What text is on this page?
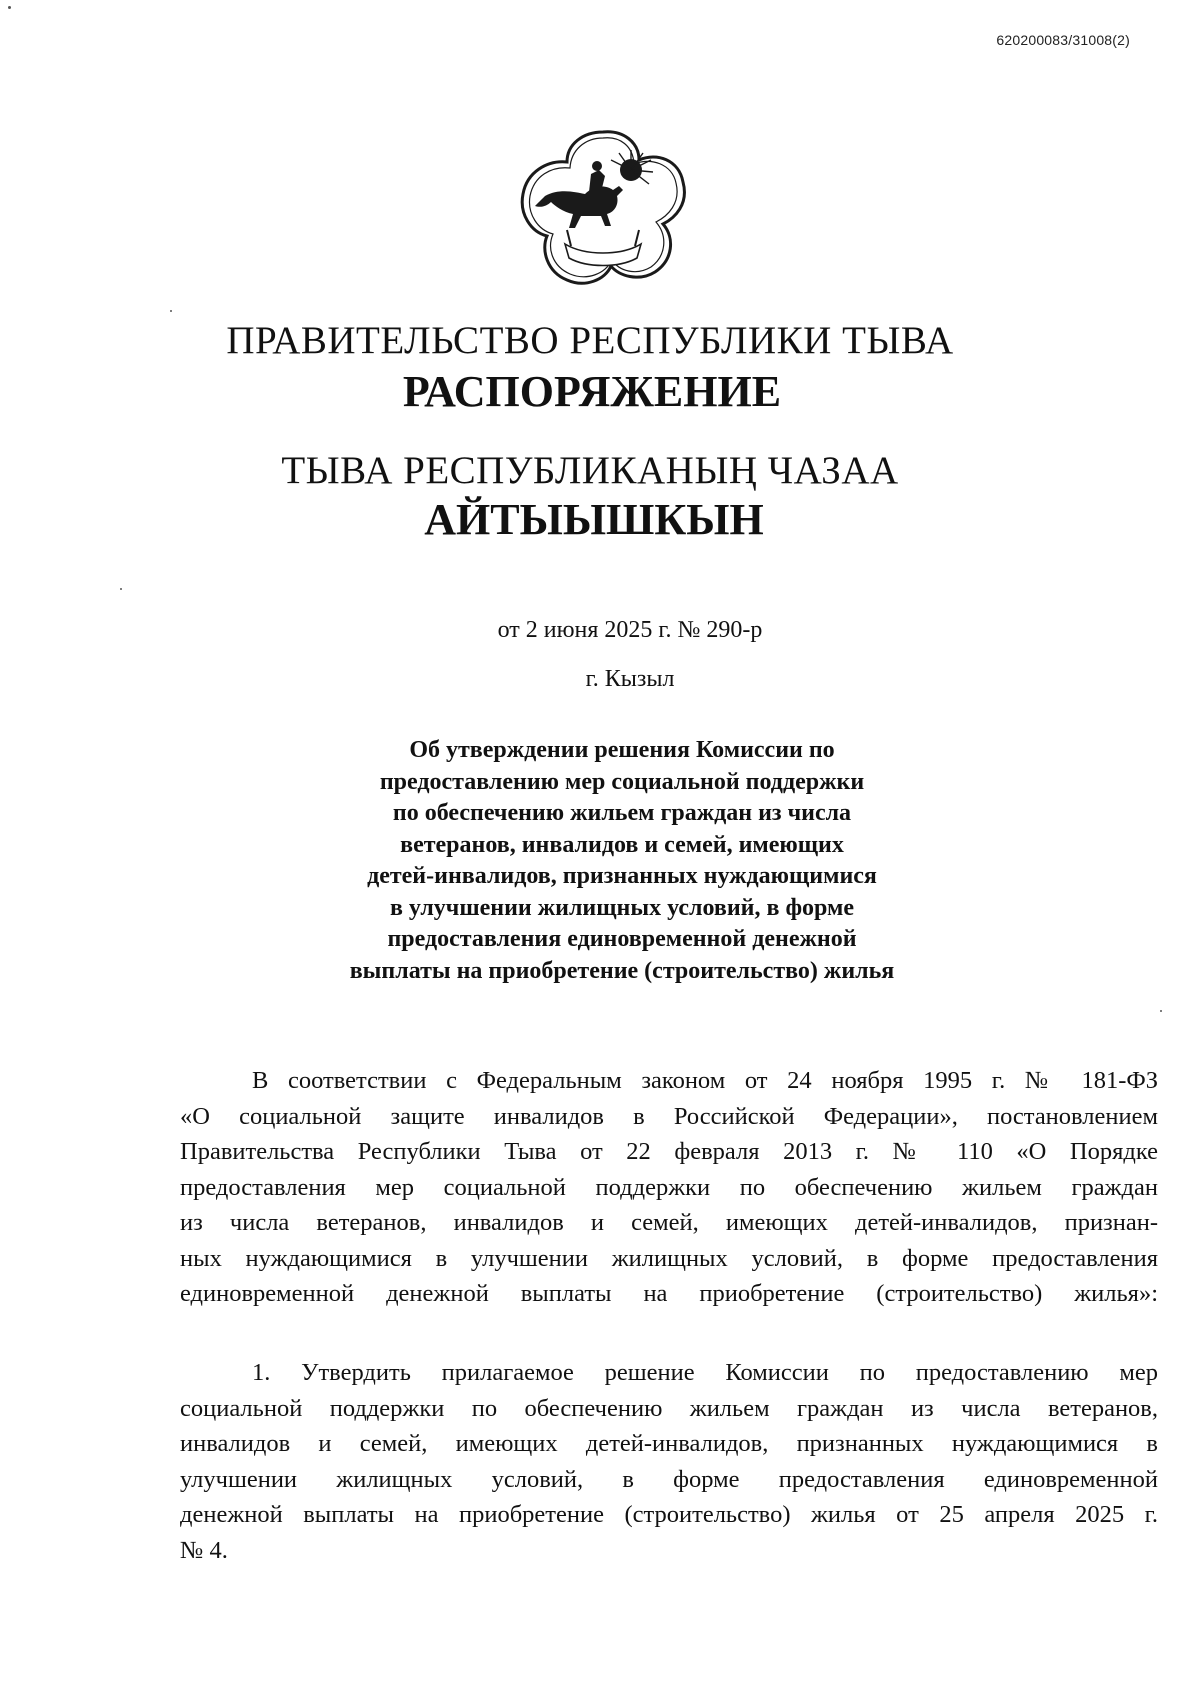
620200083/31008(2)
ПРАВИТЕЛЬСТВО РЕСПУБЛИКИ ТЫВА
РАСПОРЯЖЕНИЕ
ТЫВА РЕСПУБЛИКАНЫҢ ЧАЗАА
АЙТЫЫШКЫН
от 2 июня 2025 г. № 290-р
г. Кызыл
Об утверждении решения Комиссии по
предоставлению мер социальной поддержки
по обеспечению жильем граждан из числа
ветеранов, инвалидов и семей, имеющих
детей-инвалидов, признанных нуждающимися
в улучшении жилищных условий, в форме
предоставления единовременной денежной
выплаты на приобретение (строительство) жилья
В соответствии с Федеральным законом от 24 ноября 1995 г. № 181-ФЗ
«О социальной защите инвалидов в Российской Федерации», постановлением
Правительства Республики Тыва от 22 февраля 2013 г. № 110 «О Порядке
предоставления мер социальной поддержки по обеспечению жильем граждан
из числа ветеранов, инвалидов и семей, имеющих детей-инвалидов, признан-
ных нуждающимися в улучшении жилищных условий, в форме предоставления
единовременной денежной выплаты на приобретение (строительство) жилья»:
1. Утвердить прилагаемое решение Комиссии по предоставлению мер
социальной поддержки по обеспечению жильем граждан из числа ветеранов,
инвалидов и семей, имеющих детей-инвалидов, признанных нуждающимися в
улучшении жилищных условий, в форме предоставления единовременной
денежной выплаты на приобретение (строительство) жилья от 25 апреля 2025 г.
№ 4.
